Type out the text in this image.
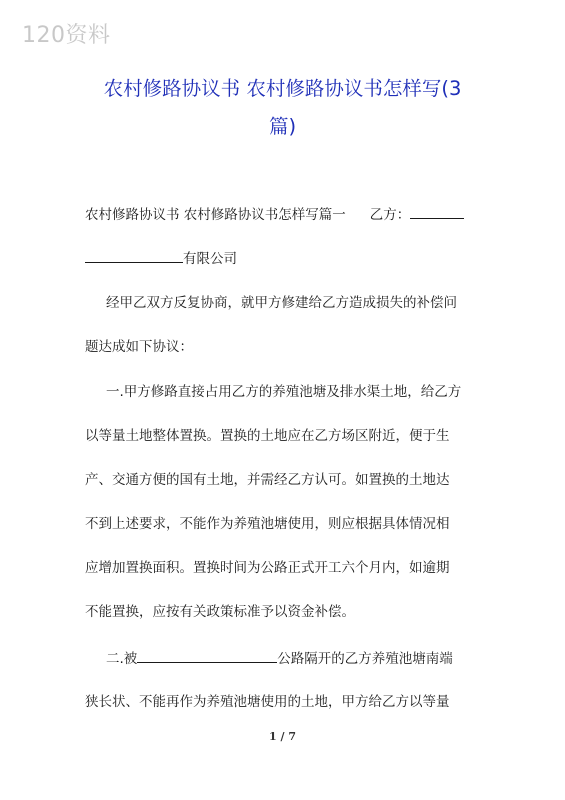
120资料
农村修路协议书 农村修路协议书怎样写(3
篇)
农村修路协议书 农村修路协议书怎样写篇一 乙方：
有限公司
经甲乙双方反复协商，就甲方修建给乙方造成损失的补偿问
题达成如下协议：
一.甲方修路直接占用乙方的养殖池塘及排水渠土地，给乙方
以等量土地整体置换。置换的土地应在乙方场区附近，便于生
产、交通方便的国有土地，并需经乙方认可。如置换的土地达
不到上述要求，不能作为养殖池塘使用，则应根据具体情况相
应增加置换面积。置换时间为公路正式开工六个月内，如逾期
不能置换，应按有关政策标准予以资金补偿。
二.被	公路隔开的乙方养殖池塘南端
狭长状、不能再作为养殖池塘使用的土地，甲方给乙方以等量
1 / 7
